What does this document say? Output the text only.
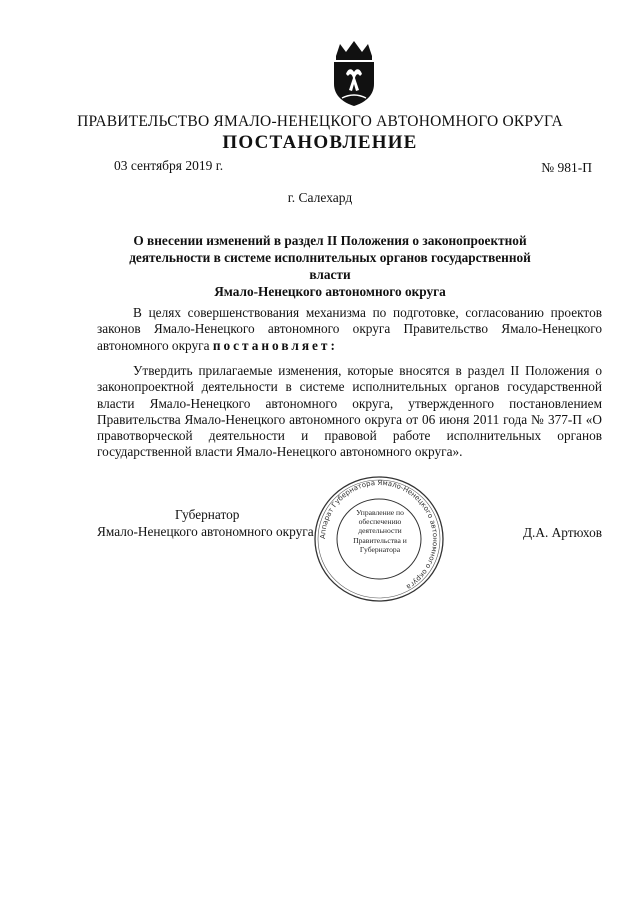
ПРАВИТЕЛЬСТВО ЯМАЛО-НЕНЕЦКОГО АВТОНОМНОГО ОКРУГА
ПОСТАНОВЛЕНИЕ
03 сентября 2019 г.	№ 981-П
г. Салехард
О внесении изменений в раздел II Положения о законопроектной
деятельности в системе исполнительных органов государственной власти
Ямало-Ненецкого автономного округа
В целях совершенствования механизма по подготовке, согласованию проектов законов Ямало-Ненецкого автономного округа Правительство Ямало-Ненецкого автономного округа постановляет:
Утвердить прилагаемые изменения, которые вносятся в раздел II Положения о законопроектной деятельности в системе исполнительных органов государственной власти Ямало-Ненецкого автономного округа, утвержденного постановлением Правительства Ямало-Ненецкого автономного округа от 06 июня 2011 года № 377-П «О правотворческой деятельности и правовой работе исполнительных органов государственной власти Ямало-Ненецкого автономного округа».
Губернатор
Ямало-Ненецкого автономного округа	Д.А. Артюхов
Аппарат Губернатора Ямало-Ненецкого автономного округа
Управление по обеспечению деятельности Правительства и Губернатора
